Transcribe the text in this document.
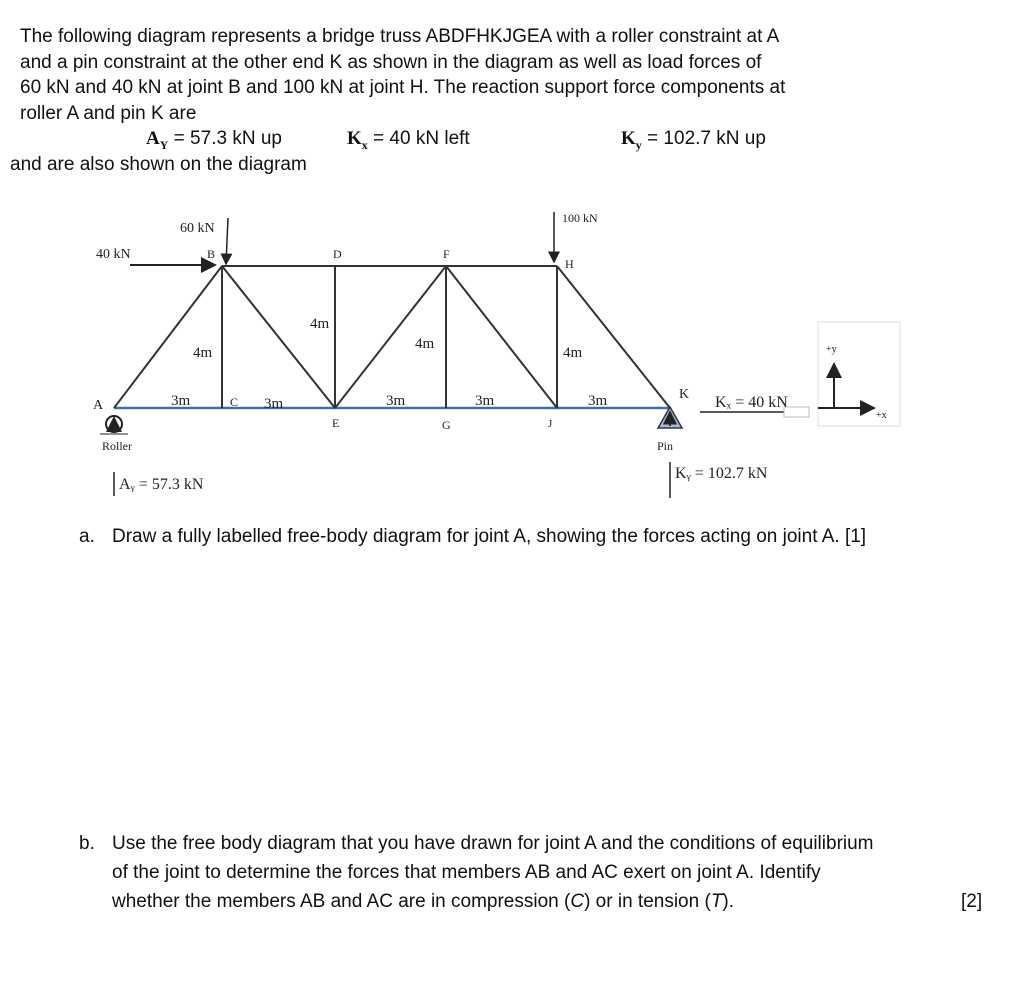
The following diagram represents a bridge truss ABDFHKJGEA with a roller constraint at A
and a pin constraint at the other end K as shown in the diagram as well as load forces of
60 kN and 40 kN at joint B and 100 kN at joint H. The reaction support force components at
roller A and pin K are
$A_Y = 57.3$ kN up	$K_x = 40$ kN left	$K_y = 102.7$ kN up
and are also shown on the diagram
60 kN
40 kN
100 kN
A
B
C
D
E
F
G
H
J
K
4m
4m
4m
4m
3m	3m	3m	3m	3m
Roller
Aᵧ = 57.3 kN
Pin
Kₓ = 40 kN
Kᵧ = 102.7 kN
+y
+x
a. Draw a fully labelled free-body diagram for joint A, showing the forces acting on joint A. [1]
b. Use the free body diagram that you have drawn for joint A and the conditions of equilibrium
of the joint to determine the forces that members AB and AC exert on joint A. Identify
whether the members AB and AC are in compression (C) or in tension (T).	[2]
